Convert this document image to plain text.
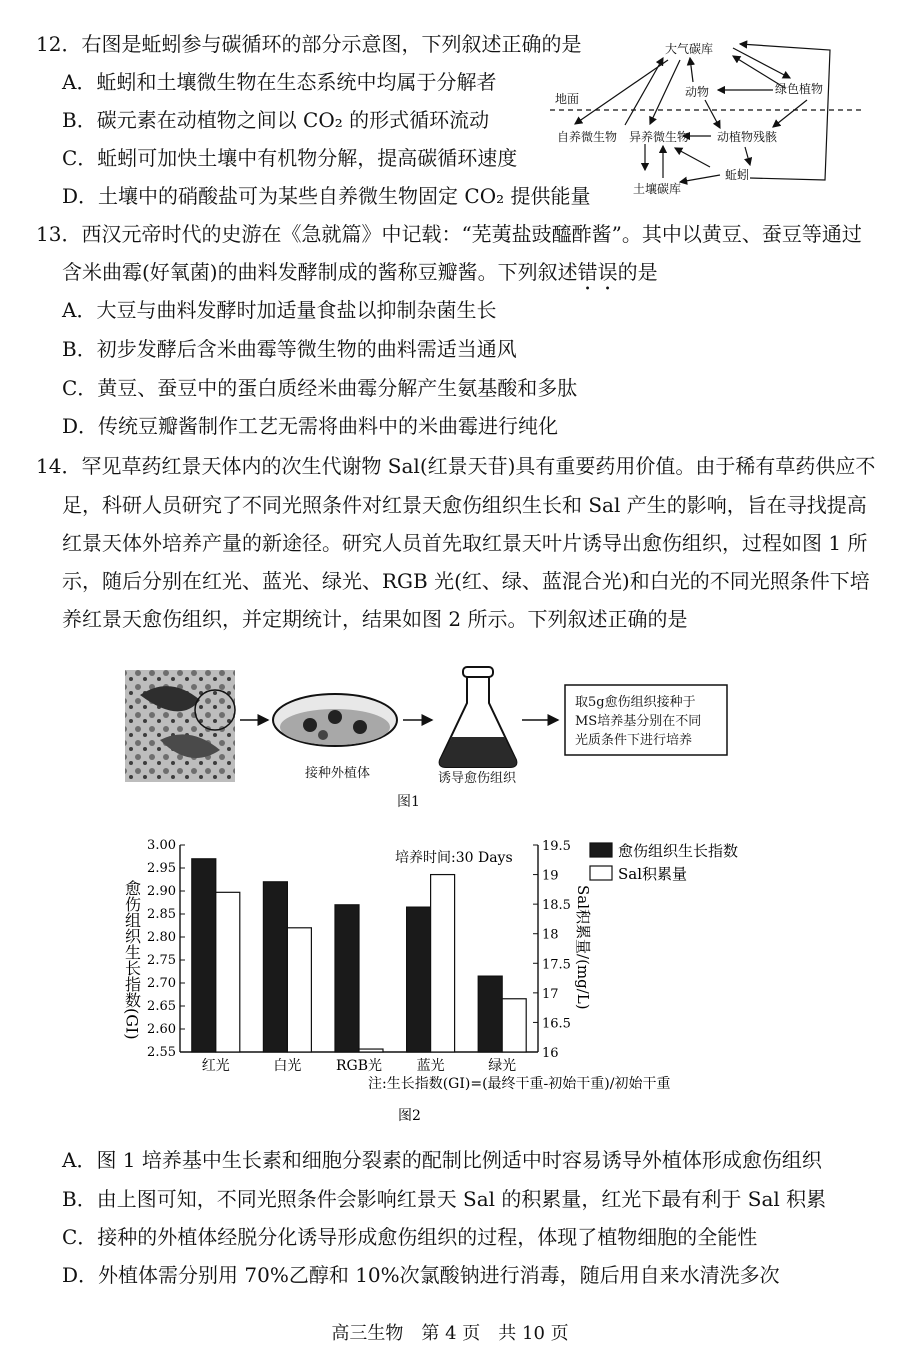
12．右图是蚯蚓参与碳循环的部分示意图，下列叙述正确的是
A．蚯蚓和土壤微生物在生态系统中均属于分解者
B．碳元素在动植物之间以 CO₂ 的形式循环流动
C．蚯蚓可加快土壤中有机物分解，提高碳循环速度
D．土壤中的硝酸盐可为某些自养微生物固定 CO₂ 提供能量
大气碳库
动物	绿色植物
地面
自养微生物 异养微生物 动植物残骸
土壤碳库
蚯蚓
13．西汉元帝时代的史游在《急就篇》中记载：“芜荑盐豉醯酢酱”。其中以黄豆、蚕豆等通过
含米曲霉(好氧菌)的曲料发酵制成的酱称豆瓣酱。下列叙述错误的是
A．大豆与曲料发酵时加适量食盐以抑制杂菌生长
B．初步发酵后含米曲霉等微生物的曲料需适当通风
C．黄豆、蚕豆中的蛋白质经米曲霉分解产生氨基酸和多肽
D．传统豆瓣酱制作工艺无需将曲料中的米曲霉进行纯化
14．罕见草药红景天体内的次生代谢物 Sal(红景天苷)具有重要药用价值。由于稀有草药供应不
足，科研人员研究了不同光照条件对红景天愈伤组织生长和 Sal 产生的影响，旨在寻找提高
红景天体外培养产量的新途径。研究人员首先取红景天叶片诱导出愈伤组织，过程如图 1 所
示，随后分别在红光、蓝光、绿光、RGB 光(红、绿、蓝混合光)和白光的不同光照条件下培
养红景天愈伤组织，并定期统计，结果如图 2 所示。下列叙述正确的是
接种外植体	诱导愈伤组织
取5g愈伤组织接种于
MS培养基分别在不同
光质条件下进行培养
图1
2.55
2.60
2.65
2.70
2.75
2.80
2.85
2.90
2.95
3.00
16
16.5
17
17.5
18
18.5
19
19.5
红光	白光 RGB光 蓝光	绿光
愈伤组织生长指数(GI)	Sal积累量/(mg/L)
培养时间:30 Days	愈伤组织生长指数
Sal积累量
注:生长指数(GI)=(最终干重-初始干重)/初始干重
图2
A．图 1 培养基中生长素和细胞分裂素的配制比例适中时容易诱导外植体形成愈伤组织
B．由上图可知，不同光照条件会影响红景天 Sal 的积累量，红光下最有利于 Sal 积累
C．接种的外植体经脱分化诱导形成愈伤组织的过程，体现了植物细胞的全能性
D．外植体需分别用 70%乙醇和 10%次氯酸钠进行消毒，随后用自来水清洗多次
高三生物　第 4 页　共 10 页
